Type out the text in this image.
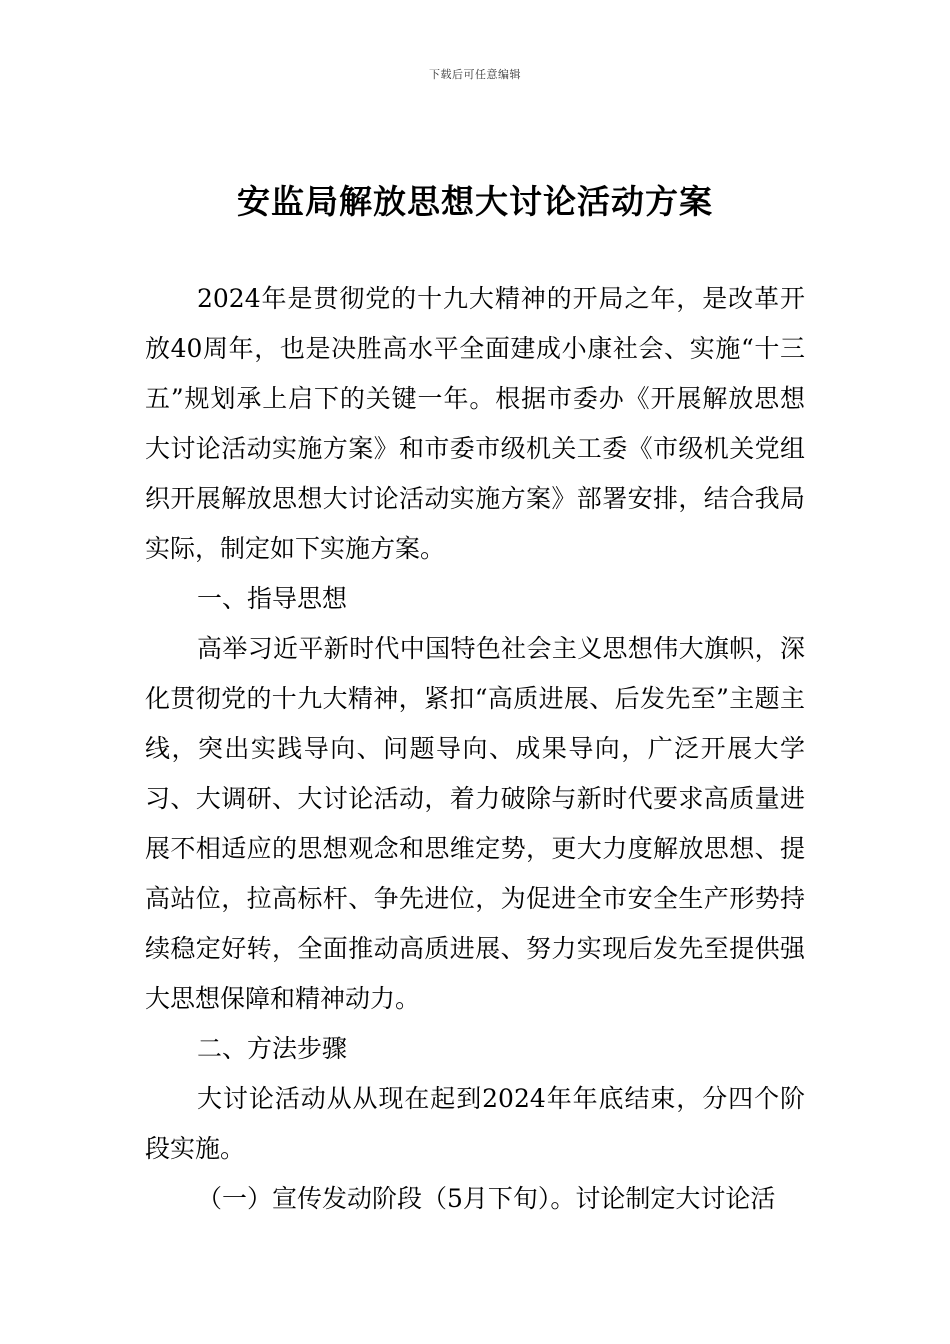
下载后可任意编辑
安监局解放思想大讨论活动方案

2024年是贯彻党的十九大精神的开局之年，是改革开放40周年，也是决胜高水平全面建成小康社会、实施“十三五”规划承上启下的关键一年。根据市委办《开展解放思想大讨论活动实施方案》和市委市级机关工委《市级机关党组织开展解放思想大讨论活动实施方案》部署安排，结合我局实际，制定如下实施方案。

一、指导思想

高举习近平新时代中国特色社会主义思想伟大旗帜，深化贯彻党的十九大精神，紧扣“高质进展、后发先至”主题主线，突出实践导向、问题导向、成果导向，广泛开展大学习、大调研、大讨论活动，着力破除与新时代要求高质量进展不相适应的思想观念和思维定势，更大力度解放思想、提高站位，拉高标杆、争先进位，为促进全市安全生产形势持续稳定好转，全面推动高质进展、努力实现后发先至提供强大思想保障和精神动力。

二、方法步骤

大讨论活动从从现在起到2024年年底结束，分四个阶段实施。

（一）宣传发动阶段（5月下旬）。讨论制定大讨论活
